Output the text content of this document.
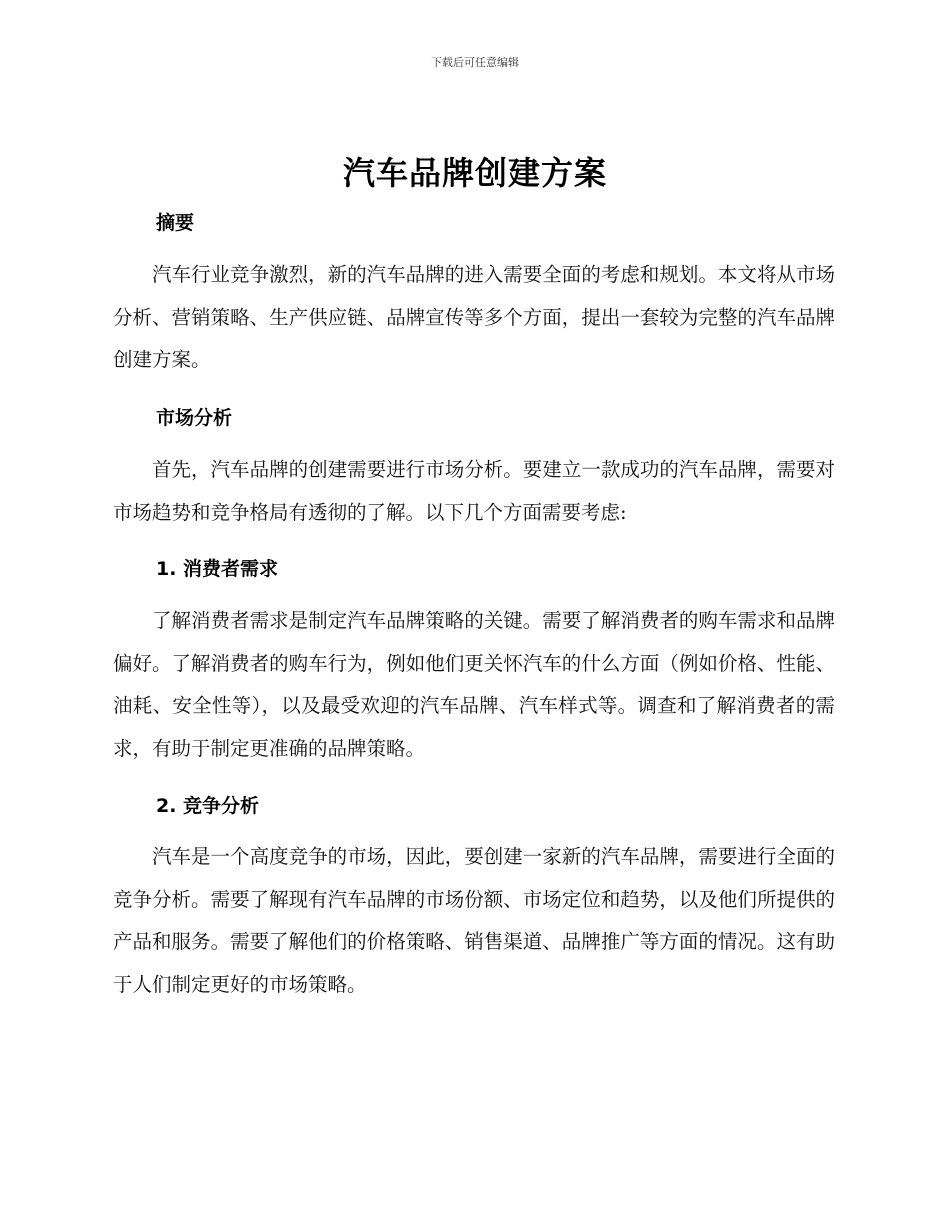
下载后可任意编辑
汽车品牌创建方案
摘要
汽车行业竞争激烈，新的汽车品牌的进入需要全面的考虑和规划。本文将从市场分析、营销策略、生产供应链、品牌宣传等多个方面，提出一套较为完整的汽车品牌创建方案。
市场分析
首先，汽车品牌的创建需要进行市场分析。要建立一款成功的汽车品牌，需要对市场趋势和竞争格局有透彻的了解。以下几个方面需要考虑:
1. 消费者需求
了解消费者需求是制定汽车品牌策略的关键。需要了解消费者的购车需求和品牌偏好。了解消费者的购车行为，例如他们更关怀汽车的什么方面（例如价格、性能、油耗、安全性等），以及最受欢迎的汽车品牌、汽车样式等。调查和了解消费者的需求，有助于制定更准确的品牌策略。
2. 竞争分析
汽车是一个高度竞争的市场，因此，要创建一家新的汽车品牌，需要进行全面的竞争分析。需要了解现有汽车品牌的市场份额、市场定位和趋势，以及他们所提供的产品和服务。需要了解他们的价格策略、销售渠道、品牌推广等方面的情况。这有助于人们制定更好的市场策略。
